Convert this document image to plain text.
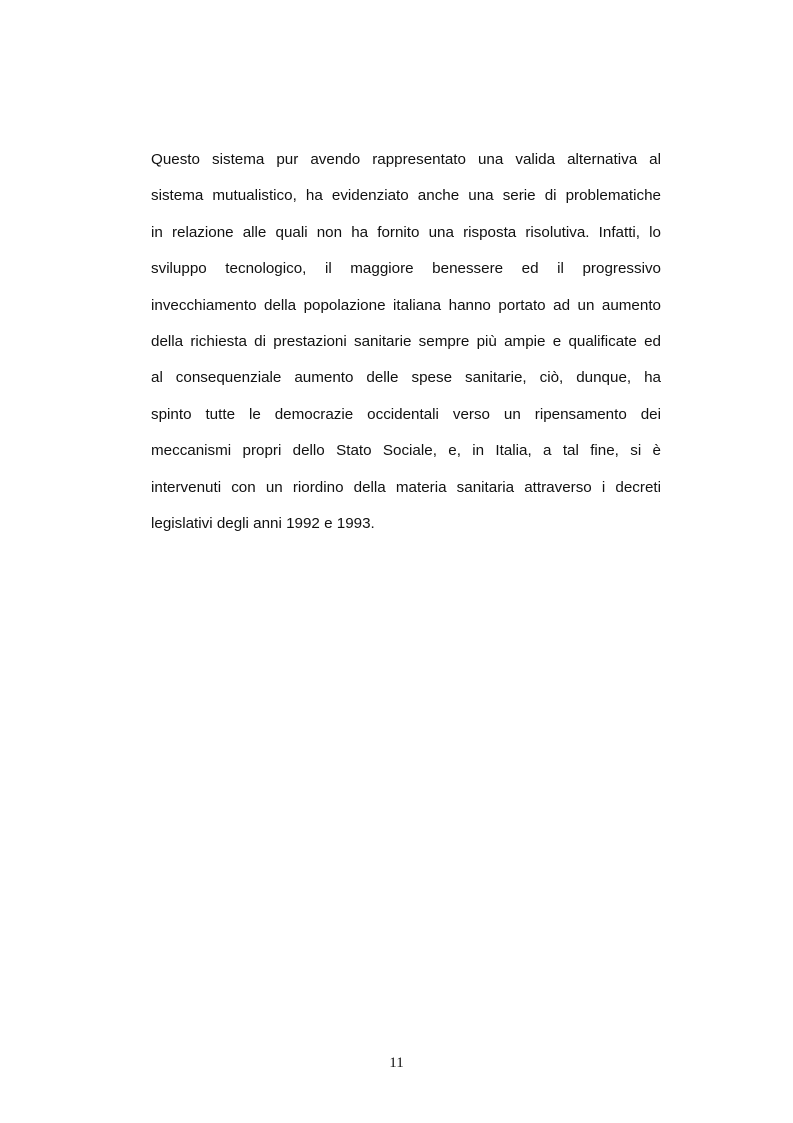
Questo sistema pur avendo rappresentato una valida alternativa al
sistema mutualistico, ha evidenziato anche una serie di problematiche
in relazione alle quali non ha fornito una risposta risolutiva. Infatti, lo
sviluppo tecnologico, il maggiore benessere ed il progressivo
invecchiamento della popolazione italiana hanno portato ad un aumento
della richiesta di prestazioni sanitarie sempre più ampie e qualificate ed
al consequenziale aumento delle spese sanitarie, ciò, dunque, ha
spinto tutte le democrazie occidentali verso un ripensamento dei
meccanismi propri dello Stato Sociale, e, in Italia, a tal fine, si è
intervenuti con un riordino della materia sanitaria attraverso i decreti
legislativi degli anni 1992 e 1993.
11
